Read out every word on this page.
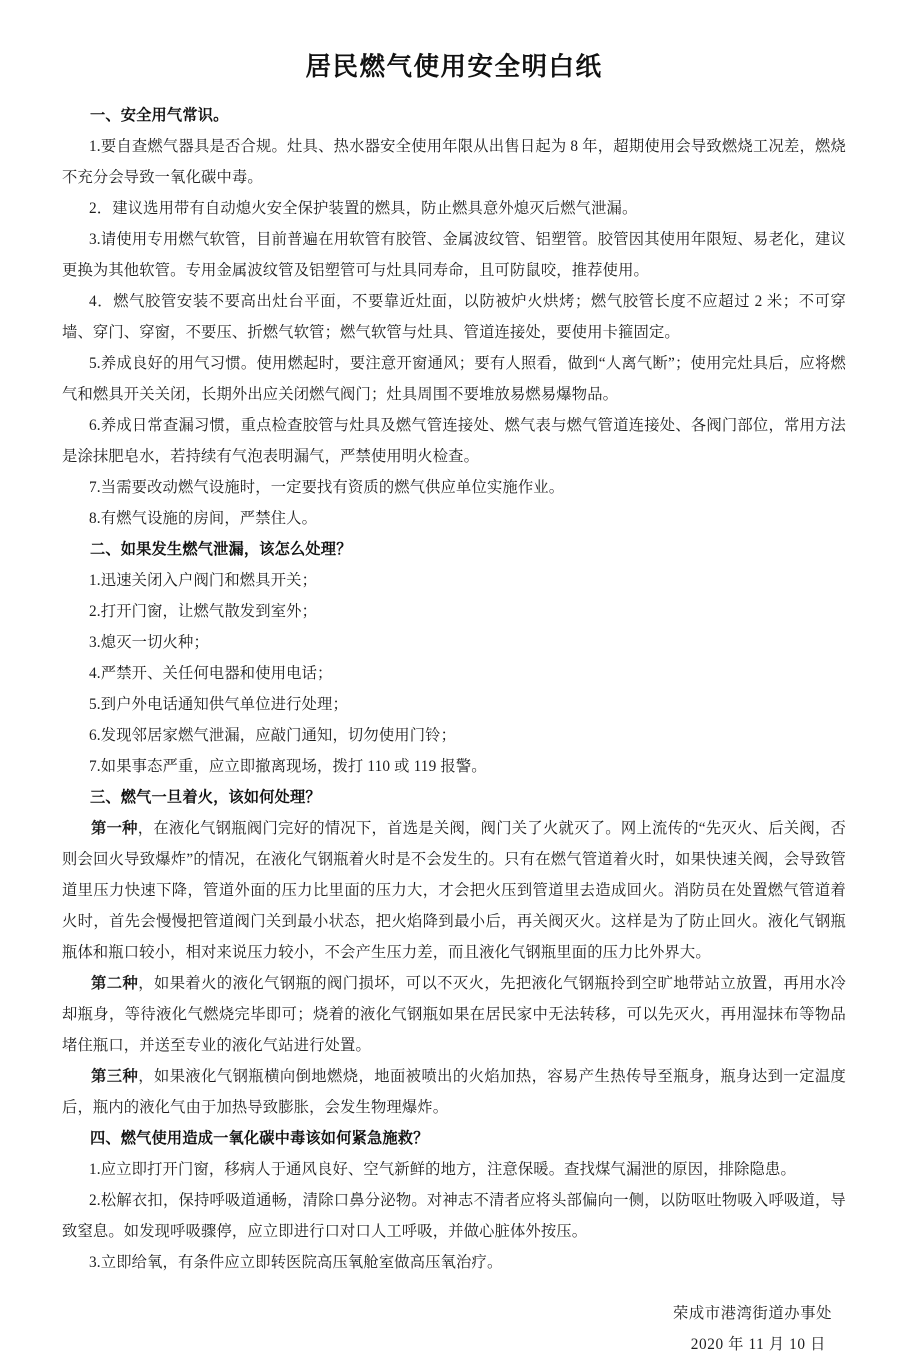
居民燃气使用安全明白纸

一、安全用气常识。

1.要自查燃气器具是否合规。灶具、热水器安全使用年限从出售日起为 8 年，超期使用会导致燃烧工况差，燃烧不充分会导致一氧化碳中毒。

2．建议选用带有自动熄火安全保护装置的燃具，防止燃具意外熄灭后燃气泄漏。

3.请使用专用燃气软管，目前普遍在用软管有胶管、金属波纹管、铝塑管。胶管因其使用年限短、易老化，建议更换为其他软管。专用金属波纹管及铝塑管可与灶具同寿命，且可防鼠咬，推荐使用。

4．燃气胶管安装不要高出灶台平面，不要靠近灶面，以防被炉火烘烤；燃气胶管长度不应超过 2 米；不可穿墙、穿门、穿窗，不要压、折燃气软管；燃气软管与灶具、管道连接处，要使用卡箍固定。

5.养成良好的用气习惯。使用燃起时，要注意开窗通风；要有人照看，做到“人离气断”；使用完灶具后，应将燃气和燃具开关关闭，长期外出应关闭燃气阀门；灶具周围不要堆放易燃易爆物品。

6.养成日常查漏习惯，重点检查胶管与灶具及燃气管连接处、燃气表与燃气管道连接处、各阀门部位，常用方法是涂抹肥皂水，若持续有气泡表明漏气，严禁使用明火检查。

7.当需要改动燃气设施时，一定要找有资质的燃气供应单位实施作业。

8.有燃气设施的房间，严禁住人。

二、如果发生燃气泄漏，该怎么处理？

1.迅速关闭入户阀门和燃具开关；

2.打开门窗，让燃气散发到室外；

3.熄灭一切火种；

4.严禁开、关任何电器和使用电话；

5.到户外电话通知供气单位进行处理；

6.发现邻居家燃气泄漏，应敲门通知，切勿使用门铃；

7.如果事态严重，应立即撤离现场，拨打 110 或 119 报警。

三、燃气一旦着火，该如何处理？

第一种，在液化气钢瓶阀门完好的情况下，首选是关阀，阀门关了火就灭了。网上流传的“先灭火、后关阀，否则会回火导致爆炸”的情况，在液化气钢瓶着火时是不会发生的。只有在燃气管道着火时，如果快速关阀，会导致管道里压力快速下降，管道外面的压力比里面的压力大，才会把火压到管道里去造成回火。消防员在处置燃气管道着火时，首先会慢慢把管道阀门关到最小状态，把火焰降到最小后，再关阀灭火。这样是为了防止回火。液化气钢瓶瓶体和瓶口较小，相对来说压力较小，不会产生压力差，而且液化气钢瓶里面的压力比外界大。

第二种，如果着火的液化气钢瓶的阀门损坏，可以不灭火，先把液化气钢瓶拎到空旷地带站立放置，再用水冷却瓶身，等待液化气燃烧完毕即可；烧着的液化气钢瓶如果在居民家中无法转移，可以先灭火，再用湿抹布等物品堵住瓶口，并送至专业的液化气站进行处置。

第三种，如果液化气钢瓶横向倒地燃烧，地面被喷出的火焰加热，容易产生热传导至瓶身，瓶身达到一定温度后，瓶内的液化气由于加热导致膨胀，会发生物理爆炸。

四、燃气使用造成一氧化碳中毒该如何紧急施救？

1.应立即打开门窗，移病人于通风良好、空气新鲜的地方，注意保暖。查找煤气漏泄的原因，排除隐患。

2.松解衣扣，保持呼吸道通畅，清除口鼻分泌物。对神志不清者应将头部偏向一侧，以防呕吐物吸入呼吸道，导致窒息。如发现呼吸骤停，应立即进行口对口人工呼吸，并做心脏体外按压。

3.立即给氧，有条件应立即转医院高压氧舱室做高压氧治疗。

荣成市港湾街道办事处
2020 年 11 月 10 日
